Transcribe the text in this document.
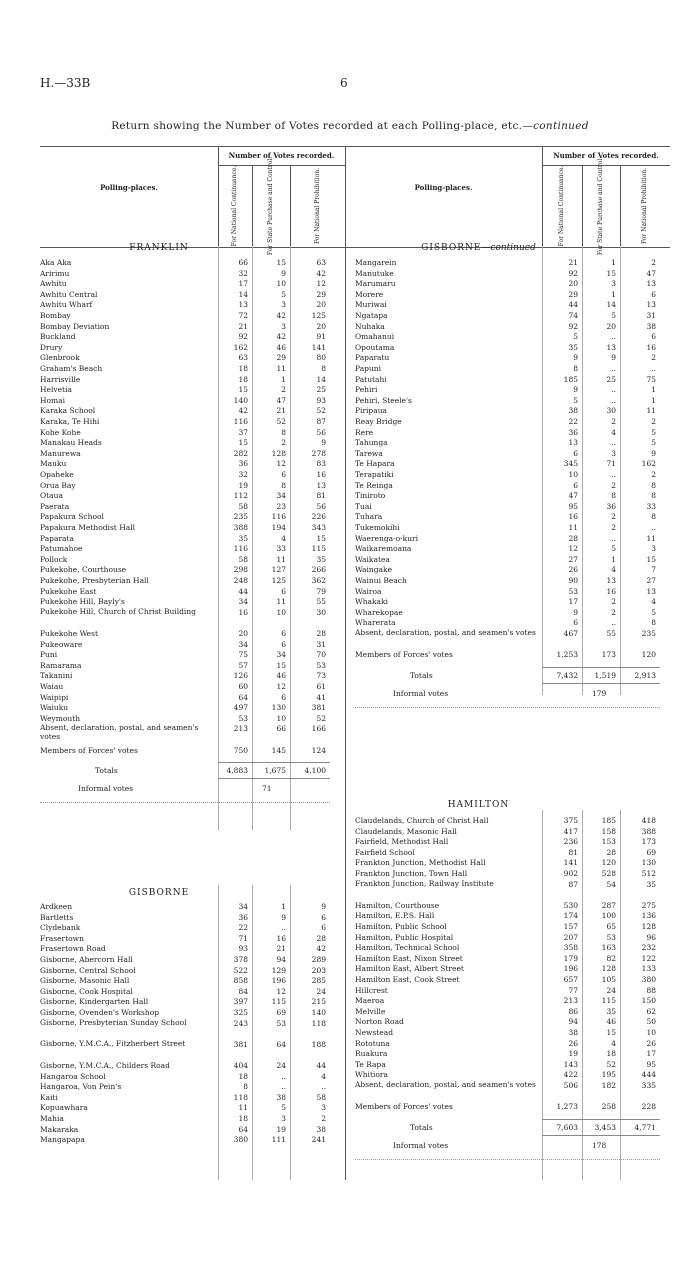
H.—33B	6
Return showing the Number of Votes recorded at each Polling-place, etc.—continued
Polling-places.
Number of Votes recorded.
For National Continuance.	For State Purchase and Control.	For National Prohibition.	Polling-places.
Number of Votes recorded.
For National Continuance.	For State Purchase and Control.	For National Prohibition.
FRANKLIN
Aka Aka	66	15	63
Aririmu	32	9	42
Awhitu	17	10	12
Awhitu Central	14	5	29
Awhitu Wharf	13	3	20
Bombay	72	42	125
Bombay Deviation	21	3	20
Buckland	92	42	91
Drury	162	46	141
Glenbrook	63	29	80
Graham's Beach	18	11	8
Harrisville	18	1	14
Helvetia	15	2	25
Homai	140	47	93
Karaka School	42	21	52
Karaka, Te Hihi	116	52	87
Kohe Kohe	37	8	56
Manakau Heads	15	2	9
Manurewa	282	128	278
Mauku	36	12	83
Opaheke	32	6	16
Orua Bay	19	8	13
Otaua	112	34	81
Paerata	58	23	56
Papakura School	235	116	226
Papakura Methodist Hall	388	194	343
Paparata	35	4	15
Patumahoe	116	33	115
Pollock	58	11	35
Pukekohe, Courthouse	298	127	266
Pukekohe, Presbyterian Hall	248	125	362
Pukekohe East	44	6	79
Pukekohe Hill, Bayly's	34	11	55
Pukekohe Hill, Church of Christ Building	16	10	30
Pukekohe West	20	6	28
Pukeoware	34	6	31
Puni	75	34	70
Ramarama	57	15	53
Takanini	126	46	73
Waiau	60	12	61
Waipipi	64	6	41
Waiuku	497	130	381
Weymouth	53	10	52
Absent, declaration, postal, and seamen's votes
213	66	166
Members of Forces' votes	750	145	124
Totals	4,883	1,675	4,100
Informal votes	71
GISBORNE
Ardkeen	34	1	9
Bartletts	36	9	6
Clydebank	22	..	6
Frasertown	71	16	28
Frasertown Road	93	21	42
Gisborne, Abercorn Hall	378	94	289
Gisborne, Central School	522	129	203
Gisborne, Masonic Hall	858	196	285
Gisborne, Cook Hospital	84	12	24
Gisborne, Kindergarten Hall	397	115	215
Gisborne, Ovenden's Workshop	325	69	140
Gisborne, Presbyterian Sunday School	243	53	118
Gisborne, Y.M.C.A., Fitzherbert Street	381	64	188
Gisborne, Y.M.C.A., Childers Road	404	24	44
Hangaroa School	18	..	4
Hangaroa, Von Pein's	8	..	..
Kaiti	118	38	58
Kopuawhara	11	5	3
Mahia	18	3	2
Makaraka	64	19	38
Mangapapa	380	111	241
GISBORNE—continued
Mangarein	21	1	2
Manutuke	92	15	47
Marumaru	20	3	13
Morere	29	1	6
Muriwai	44	14	13
Ngatapa	74	5	31
Nuhaka	92	20	38
Omahanui	5	..	6
Opoutama	35	13	16
Paparatu	9	9	2
Papuni	8	..	..
Patutahi	185	25	75
Pehiri	9	..	1
Pehiri, Steele's	5	..	1
Piripaua	38	30	11
Reay Bridge	22	2	2
Rere	36	4	5
Tahunga	13	..	5
Tarewa	6	3	9
Te Hapara	345	71	162
Terapatiki	10	..	2
Te Reinga	6	2	8
Tiniroto	47	8	8
Tuai	95	36	33
Tuhara	16	2	8
Tukemokihi	11	2	..
Waerenga-o-kuri	28	..	11
Waikaremoana	12	5	3
Waikatea	27	1	15
Waingake	26	4	7
Wainui Beach	90	13	27
Wairoa	53	16	13
Whakaki	17	2	4
Wharekopae	9	2	5
Wharerata	6	..	8
Absent, declaration, postal, and seamen's votes	467	55	235
Members of Forces' votes	1,253	173	120
Totals	7,432	1,519	2,913
Informal votes	179
HAMILTON
Claudelands, Church of Christ Hall	375	185	418
Claudelands, Masonic Hall	417	158	388
Fairfield, Methodist Hall	236	153	173
Fairfield School	81	28	69
Frankton Junction, Methodist Hall	141	120	130
Frankton Junction, Town Hall	902	528	512
Frankton Junction, Railway Institute	87	54	35
Hamilton, Courthouse	530	287	275
Hamilton, E.P.S. Hall	174	100	136
Hamilton, Public School	157	65	128
Hamilton, Public Hospital	207	53	96
Hamilton, Technical School	358	163	232
Hamilton East, Nixon Street	179	82	122
Hamilton East, Albert Street	196	128	133
Hamilton East, Cook Street	657	105	380
Hillcrest	77	24	88
Maeroa	213	115	150
Melville	86	35	62
Norton Road	94	46	50
Newstead	38	15	10
Rototuna	26	4	26
Ruakura	19	18	17
Te Rapa	143	52	95
Whitiora	422	195	444
Absent, declaration, postal, and seamen's votes	506	182	335
Members of Forces' votes	1,273	258	228
Totals	7,603	3,453	4,771
Informal votes	178
